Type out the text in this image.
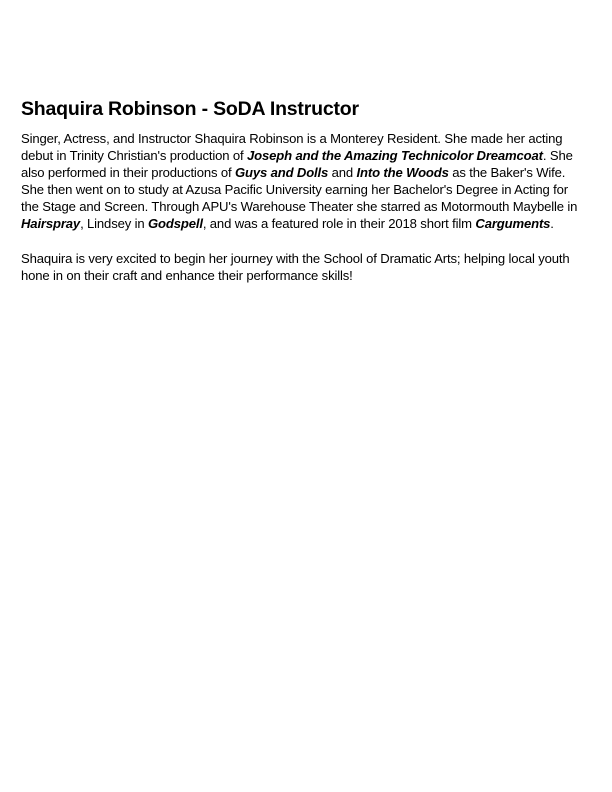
Shaquira Robinson - SoDA Instructor

Singer, Actress, and Instructor Shaquira Robinson is a Monterey Resident. She made her acting debut in Trinity Christian's production of Joseph and the Amazing Technicolor Dreamcoat. She also performed in their productions of Guys and Dolls and Into the Woods as the Baker's Wife. She then went on to study at Azusa Pacific University earning her Bachelor's Degree in Acting for the Stage and Screen. Through APU's Warehouse Theater she starred as Motormouth Maybelle in Hairspray, Lindsey in Godspell, and was a featured role in their 2018 short film Carguments.

Shaquira is very excited to begin her journey with the School of Dramatic Arts; helping local youth hone in on their craft and enhance their performance skills!
